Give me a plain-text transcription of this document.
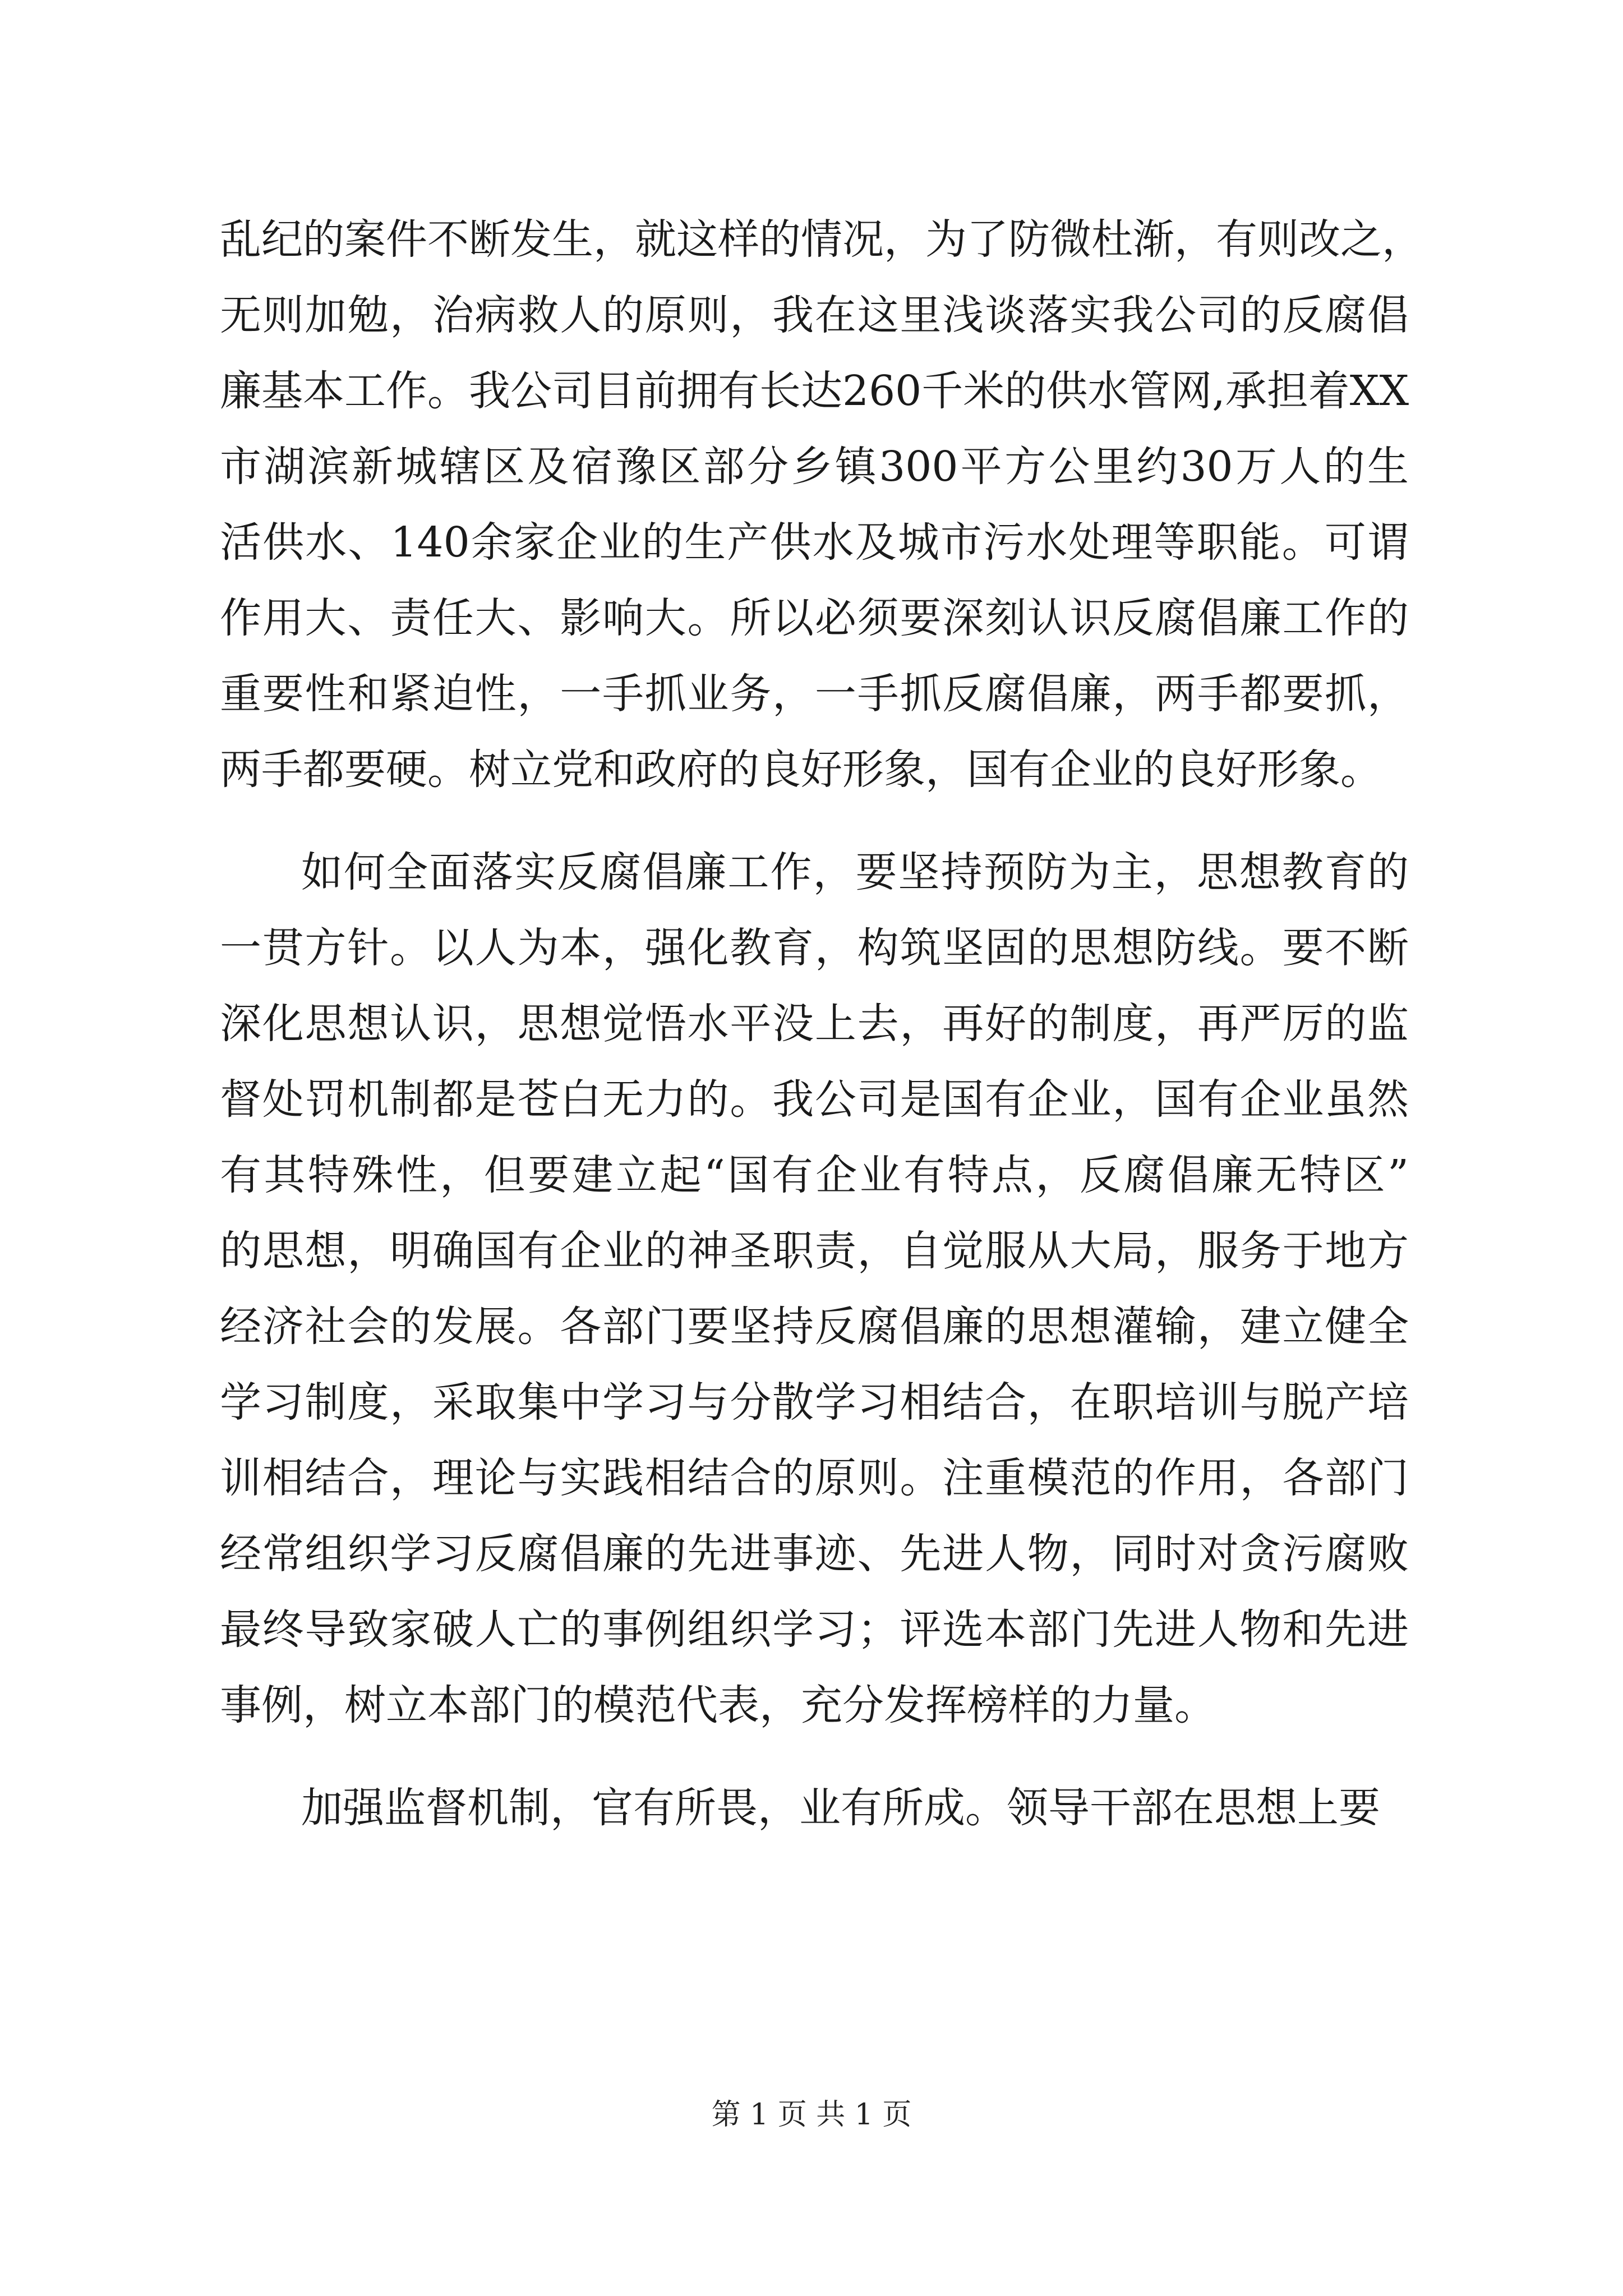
乱纪的案件不断发生，就这样的情况，为了防微杜渐，有则改之，
无则加勉，治病救人的原则，我在这里浅谈落实我公司的反腐倡
廉基本工作。我公司目前拥有长达260千米的供水管网,承担着XX
市湖滨新城辖区及宿豫区部分乡镇300平方公里约30万人的生
活供水、140余家企业的生产供水及城市污水处理等职能。可谓
作用大、责任大、影响大。所以必须要深刻认识反腐倡廉工作的
重要性和紧迫性，一手抓业务，一手抓反腐倡廉，两手都要抓，
两手都要硬。树立党和政府的良好形象，国有企业的良好形象。
如何全面落实反腐倡廉工作，要坚持预防为主，思想教育的
一贯方针。以人为本，强化教育，构筑坚固的思想防线。要不断
深化思想认识，思想觉悟水平没上去，再好的制度，再严厉的监
督处罚机制都是苍白无力的。我公司是国有企业，国有企业虽然
有其特殊性，但要建立起“国有企业有特点，反腐倡廉无特区”
的思想，明确国有企业的神圣职责，自觉服从大局，服务于地方
经济社会的发展。各部门要坚持反腐倡廉的思想灌输，建立健全
学习制度，采取集中学习与分散学习相结合，在职培训与脱产培
训相结合，理论与实践相结合的原则。注重模范的作用，各部门
经常组织学习反腐倡廉的先进事迹、先进人物，同时对贪污腐败
最终导致家破人亡的事例组织学习；评选本部门先进人物和先进
事例，树立本部门的模范代表，充分发挥榜样的力量。
加强监督机制，官有所畏，业有所成。领导干部在思想上要
第 1 页 共 1 页
